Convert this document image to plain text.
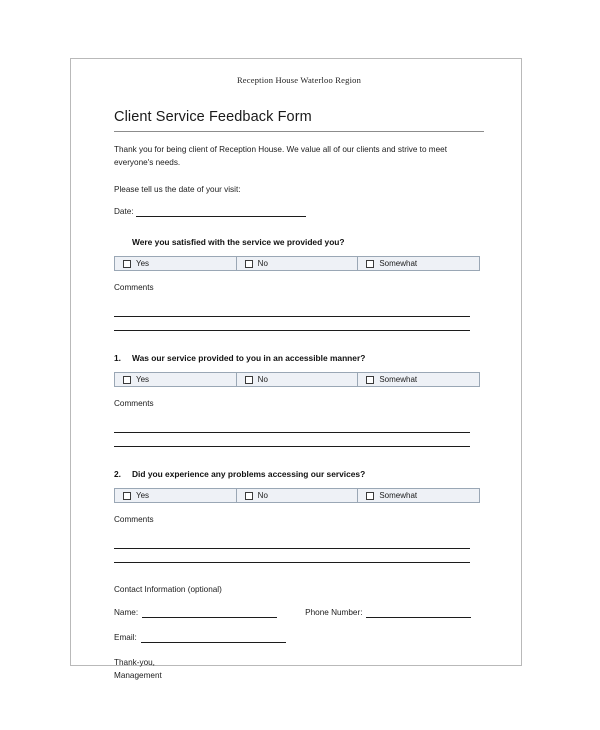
Reception House Waterloo Region
Client Service Feedback Form

Thank you for being client of Reception House. We value all of our clients and strive to meet everyone's needs.

Please tell us the date of your visit:

Date:
Were you satisfied with the service we provided you?
Yes	No	Somewhat
Comments
1.	Was our service provided to you in an accessible manner?
Yes	No	Somewhat
Comments
2.	Did you experience any problems accessing our services?
Yes	No	Somewhat
Comments
Contact Information (optional)
Name:	Phone Number:
Email:
Thank-you,
Management
